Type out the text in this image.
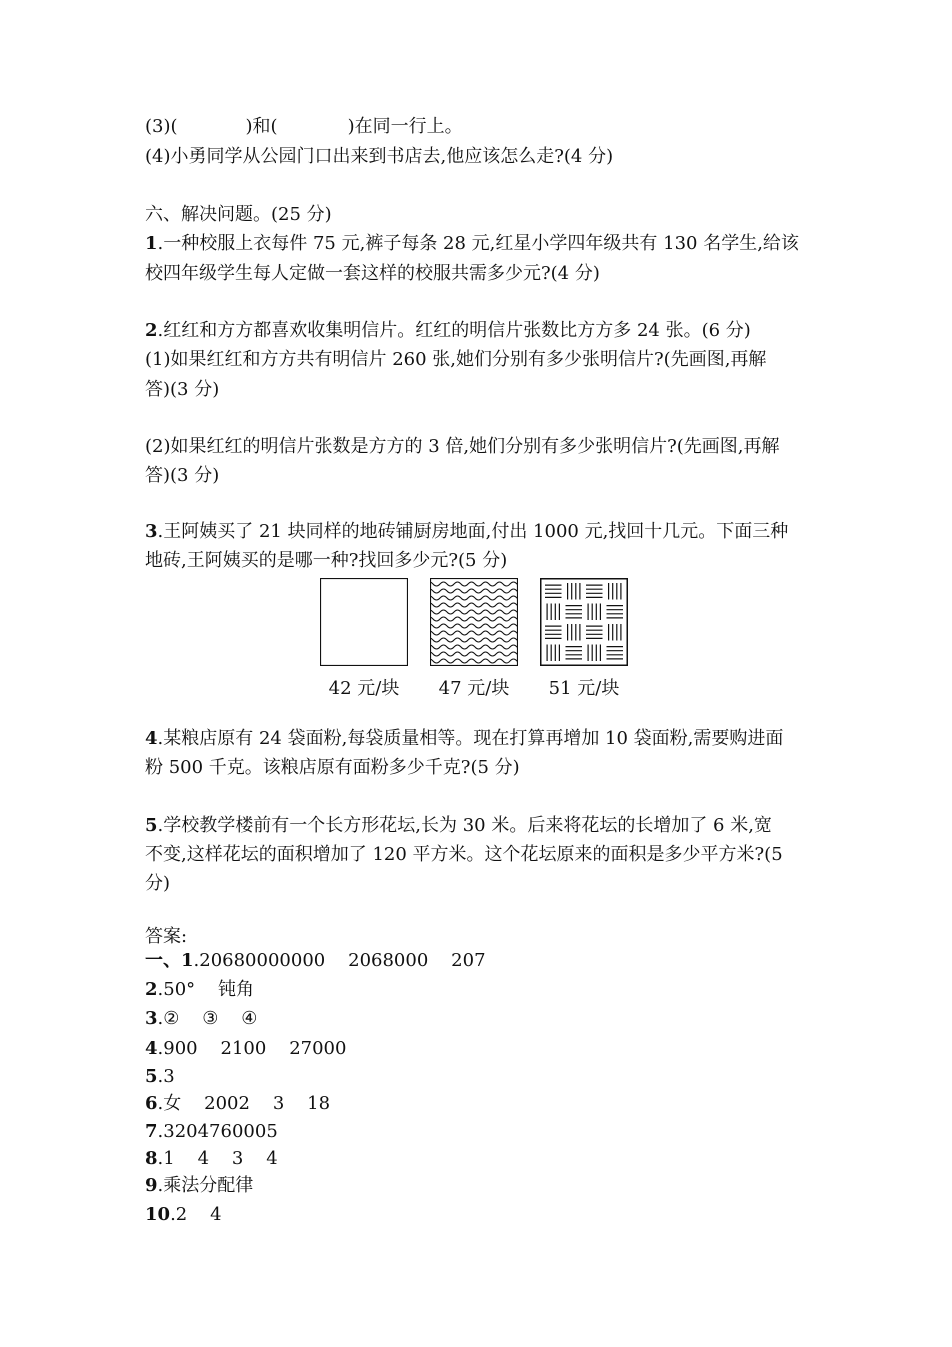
(3)(	)和(	)在同一行上。
(4)小勇同学从公园门口出来到书店去,他应该怎么走?(4 分)
六、解决问题。(25 分)
1.一种校服上衣每件 75 元,裤子每条 28 元,红星小学四年级共有 130 名学生,给该
校四年级学生每人定做一套这样的校服共需多少元?(4 分)
2.红红和方方都喜欢收集明信片。红红的明信片张数比方方多 24 张。(6 分)
(1)如果红红和方方共有明信片 260 张,她们分别有多少张明信片?(先画图,再解
答)(3 分)
(2)如果红红的明信片张数是方方的 3 倍,她们分别有多少张明信片?(先画图,再解
答)(3 分)
3.王阿姨买了 21 块同样的地砖铺厨房地面,付出 1000 元,找回十几元。下面三种
地砖,王阿姨买的是哪一种?找回多少元?(5 分)
42 元/块	47 元/块	51 元/块
4.某粮店原有 24 袋面粉,每袋质量相等。现在打算再增加 10 袋面粉,需要购进面
粉 500 千克。该粮店原有面粉多少千克?(5 分)
5.学校教学楼前有一个长方形花坛,长为 30 米。后来将花坛的长增加了 6 米,宽
不变,这样花坛的面积增加了 120 平方米。这个花坛原来的面积是多少平方米?(5
分)
答案:
一、1.20680000000    2068000    207
2.50°    钝角
3.②    ③    ④
4.900    2100    27000
5.3
6.女    2002    3    18
7.3204760005
8.1    4    3    4
9.乘法分配律
10.2    4
